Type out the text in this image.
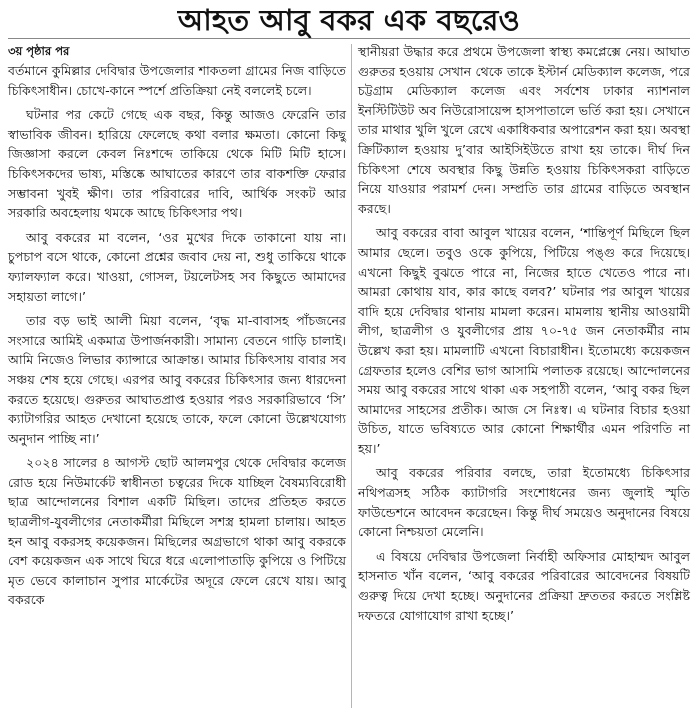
আহত আবু বকর এক বছরেও
৩য় পৃষ্ঠার পর

বর্তমানে কুমিল্লার দেবিদ্বার উপজেলার শাকতলা গ্রামের নিজ বাড়িতে চিকিৎসাধীন। চোখে-কানে স্পর্শে প্রতিক্রিয়া নেই বললেই চলে।

ঘটনার পর কেটে গেছে এক বছর, কিন্তু আজও ফেরেনি তার স্বাভাবিক জীবন। হারিয়ে ফেলেছে কথা বলার ক্ষমতা। কোনো কিছু জিজ্ঞাসা করলে কেবল নিঃশব্দে তাকিয়ে থেকে মিটি মিটি হাসে। চিকিৎসকদের ভাষ্য, মস্তিষ্কে আঘাতের কারণে তার বাকশক্তি ফেরার সম্ভাবনা খুবই ক্ষীণ। তার পরিবারের দাবি, আর্থিক সংকট আর সরকারি অবহেলায় থমকে আছে চিকিৎসার পথ।

আবু বকরের মা বলেন, ‘ওর মুখের দিকে তাকানো যায় না। চুপচাপ বসে থাকে, কোনো প্রশ্নের জবাব দেয় না, শুধু তাকিয়ে থাকে ফ্যালফ্যাল করে। খাওয়া, গোসল, টয়লেটসহ সব কিছুতে আমাদের সহায়তা লাগে।’

তার বড় ভাই আলী মিয়া বলেন, ‘বৃদ্ধ মা-বাবাসহ পাঁচজনের সংসারে আমিই একমাত্র উপার্জনকারী। সামান্য বেতনে গাড়ি চালাই। আমি নিজেও লিভার ক্যান্সারে আক্রান্ত। আমার চিকিৎসায় বাবার সব সঞ্চয় শেষ হয়ে গেছে। এরপর আবু বকরের চিকিৎসার জন্য ধারদেনা করতে হয়েছে। গুরুতর আঘাতপ্রাপ্ত হওয়ার পরও সরকারিভাবে ‘সি’ ক্যাটাগরির আহত দেখানো হয়েছে তাকে, ফলে কোনো উল্লেখযোগ্য অনুদান পাচ্ছি না।’

২০২৪ সালের ৪ আগস্ট ছোট আলমপুর থেকে দেবিদ্বার কলেজ রোড হয়ে নিউমার্কেট স্বাধীনতা চত্বরের দিকে যাচ্ছিল বৈষম্যবিরোধী ছাত্র আন্দোলনের বিশাল একটি মিছিল। তাদের প্রতিহত করতে ছাত্রলীগ-যুবলীগের নেতাকর্মীরা মিছিলে সশস্ত্র হামলা চালায়। আহত হন আবু বকরসহ কয়েকজন। মিছিলের অগ্রভাগে থাকা আবু বকরকে বেশ কয়েকজন এক সাথে ঘিরে ধরে এলোপাতাড়ি কুপিয়ে ও পিটিয়ে মৃত ভেবে কালাচান সুপার মার্কেটের অদূরে ফেলে রেখে যায়। আবু বকরকে

স্থানীয়রা উদ্ধার করে প্রথমে উপজেলা স্বাস্থ্য কমপ্লেক্সে নেয়। আঘাত গুরুতর হওয়ায় সেখান থেকে তাকে ইস্টার্ন মেডিক্যাল কলেজ, পরে চট্টগ্রাম মেডিক্যাল কলেজ এবং সর্বশেষ ঢাকার ন্যাশনাল ইনস্টিটিউট অব নিউরোসায়েন্স হাসপাতালে ভর্তি করা হয়। সেখানে তার মাথার খুলি খুলে রেখে একাধিকবার অপারেশন করা হয়। অবস্থা ক্রিটিক্যাল হওয়ায় দু’বার আইসিইউতে রাখা হয় তাকে। দীর্ঘ দিন চিকিৎসা শেষে অবস্থার কিছু উন্নতি হওয়ায় চিকিৎসকরা বাড়িতে নিয়ে যাওয়ার পরামর্শ দেন। সম্প্রতি তার গ্রামের বাড়িতে অবস্থান করছে।

আবু বকরের বাবা আবুল খায়ের বলেন, ‘শান্তিপূর্ণ মিছিলে ছিল আমার ছেলে। তবুও ওকে কুপিয়ে, পিটিয়ে পঙ্গু করে দিয়েছে। এখনো কিছুই বুঝতে পারে না, নিজের হাতে খেতেও পারে না। আমরা কোথায় যাব, কার কাছে বলব?’ ঘটনার পর আবুল খায়ের বাদি হয়ে দেবিদ্বার থানায় মামলা করেন। মামলায় স্থানীয় আওয়ামী লীগ, ছাত্রলীগ ও যুবলীগের প্রায় ৭০-৭৫ জন নেতাকর্মীর নাম উল্লেখ করা হয়। মামলাটি এখনো বিচারাধীন। ইতোমধ্যে কয়েকজন গ্রেফতার হলেও বেশির ভাগ আসামি পলাতক রয়েছে। আন্দোলনের সময় আবু বকরের সাথে থাকা এক সহপাঠী বলেন, ‘আবু বকর ছিল আমাদের সাহসের প্রতীক। আজ সে নিঃস্ব। এ ঘটনার বিচার হওয়া উচিত, যাতে ভবিষ্যতে আর কোনো শিক্ষার্থীর এমন পরিণতি না হয়।’

আবু বকরের পরিবার বলছে, তারা ইতোমধ্যে চিকিৎসার নথিপত্রসহ সঠিক ক্যাটাগরি সংশোধনের জন্য জুলাই স্মৃতি ফাউন্ডেশনে আবেদন করেছেন। কিন্তু দীর্ঘ সময়েও অনুদানের বিষয়ে কোনো নিশ্চয়তা মেলেনি।

এ বিষয়ে দেবিদ্বার উপজেলা নির্বাহী অফিসার মোহাম্মদ আবুল হাসনাত খাঁন বলেন, ‘আবু বকরের পরিবারের আবেদনের বিষয়টি গুরুত্ব দিয়ে দেখা হচ্ছে। অনুদানের প্রক্রিয়া দ্রুততর করতে সংশ্লিষ্ট দফতরে যোগাযোগ রাখা হচ্ছে।’
